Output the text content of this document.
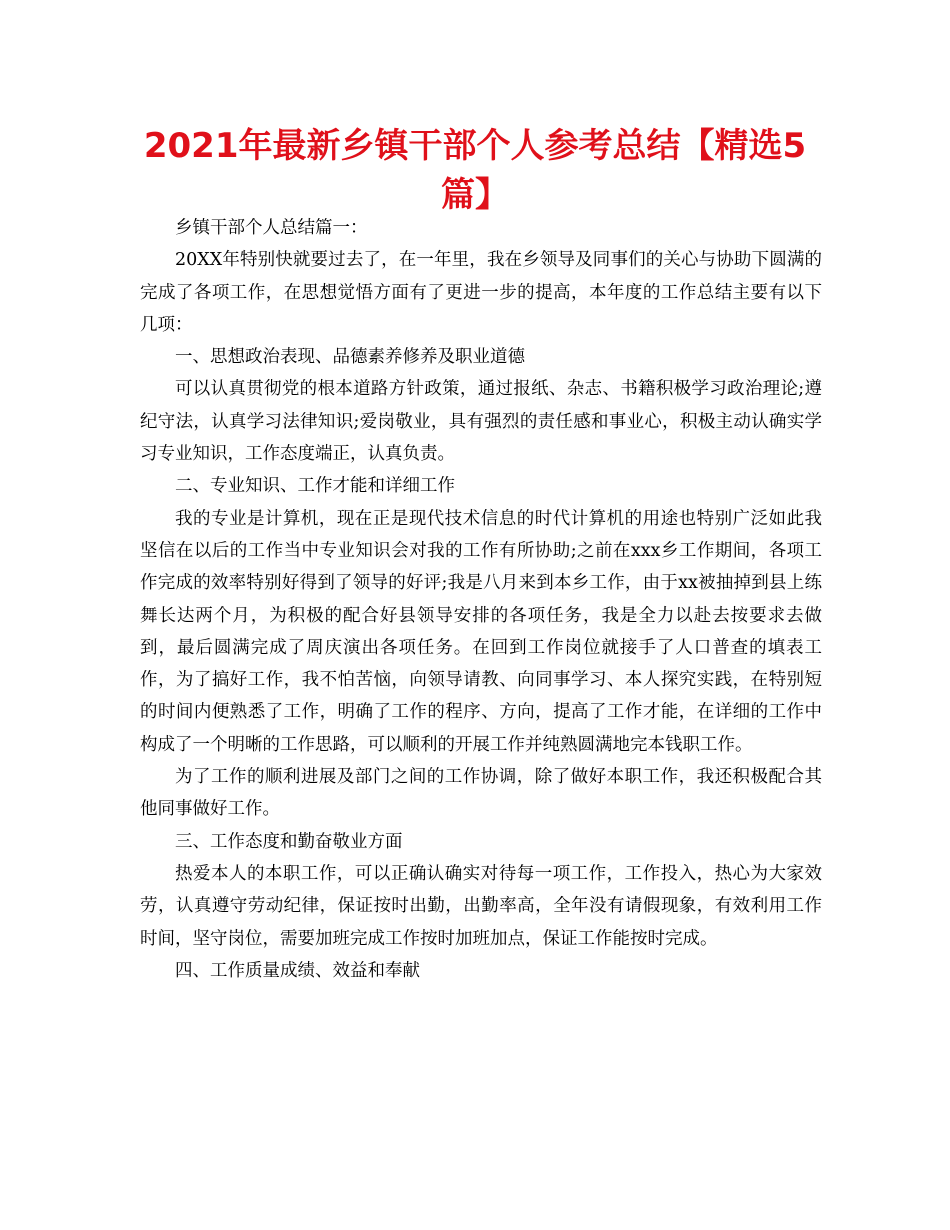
2021年最新乡镇干部个人参考总结【精选5篇】

乡镇干部个人总结篇一：

20XX年特别快就要过去了，在一年里，我在乡领导及同事们的关心与协助下圆满的完成了各项工作，在思想觉悟方面有了更进一步的提高，本年度的工作总结主要有以下几项：

一、思想政治表现、品德素养修养及职业道德

可以认真贯彻党的根本道路方针政策，通过报纸、杂志、书籍积极学习政治理论;遵纪守法，认真学习法律知识;爱岗敬业，具有强烈的责任感和事业心，积极主动认确实学习专业知识，工作态度端正，认真负责。

二、专业知识、工作才能和详细工作

我的专业是计算机，现在正是现代技术信息的时代计算机的用途也特别广泛如此我坚信在以后的工作当中专业知识会对我的工作有所协助;之前在xxx乡工作期间，各项工作完成的效率特别好得到了领导的好评;我是八月来到本乡工作，由于xx被抽掉到县上练舞长达两个月，为积极的配合好县领导安排的各项任务，我是全力以赴去按要求去做到，最后圆满完成了周庆演出各项任务。在回到工作岗位就接手了人口普查的填表工作，为了搞好工作，我不怕苦恼，向领导请教、向同事学习、本人探究实践，在特别短的时间内便熟悉了工作，明确了工作的程序、方向，提高了工作才能，在详细的工作中构成了一个明晰的工作思路，可以顺利的开展工作并纯熟圆满地完本钱职工作。

为了工作的顺利进展及部门之间的工作协调，除了做好本职工作，我还积极配合其他同事做好工作。

三、工作态度和勤奋敬业方面

热爱本人的本职工作，可以正确认确实对待每一项工作，工作投入，热心为大家效劳，认真遵守劳动纪律，保证按时出勤，出勤率高，全年没有请假现象，有效利用工作时间，坚守岗位，需要加班完成工作按时加班加点，保证工作能按时完成。

四、工作质量成绩、效益和奉献
